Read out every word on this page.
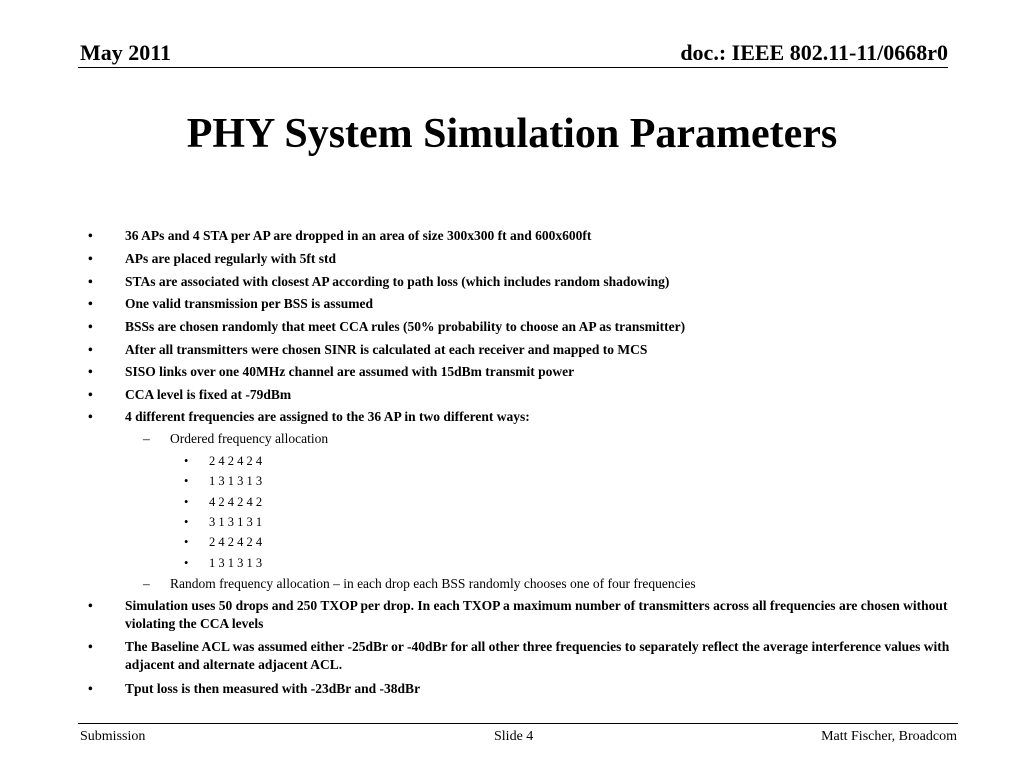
May 2011	doc.: IEEE 802.11-11/0668r0
PHY System Simulation Parameters
• 36 APs and 4 STA per AP are dropped in an area of size 300x300 ft and 600x600ft
• APs are placed regularly with 5ft std
• STAs are associated with closest AP according to path loss (which includes random shadowing)
• One valid transmission per BSS is assumed
• BSSs are chosen randomly that meet CCA rules (50% probability to choose an AP as transmitter)
• After all transmitters were chosen SINR is calculated at each receiver and mapped to MCS
• SISO links over one 40MHz channel are assumed with 15dBm transmit power
• CCA level is fixed at -79dBm
• 4 different frequencies are assigned to the 36 AP in two different ways:
– Ordered frequency allocation
• 2 4 2 4 2 4
• 1 3 1 3 1 3
• 4 2 4 2 4 2
• 3 1 3 1 3 1
• 2 4 2 4 2 4
• 1 3 1 3 1 3
– Random frequency allocation – in each drop each BSS randomly chooses one of four frequencies
• Simulation uses 50 drops and 250 TXOP per drop. In each TXOP a maximum number of transmitters across all frequencies are chosen without violating the CCA levels
• The Baseline ACL was assumed either -25dBr or -40dBr for all other three frequencies to separately reflect the average interference values with adjacent and alternate adjacent ACL.
• Tput loss is then measured with -23dBr and -38dBr
Submission	Slide 4	Matt Fischer, Broadcom
